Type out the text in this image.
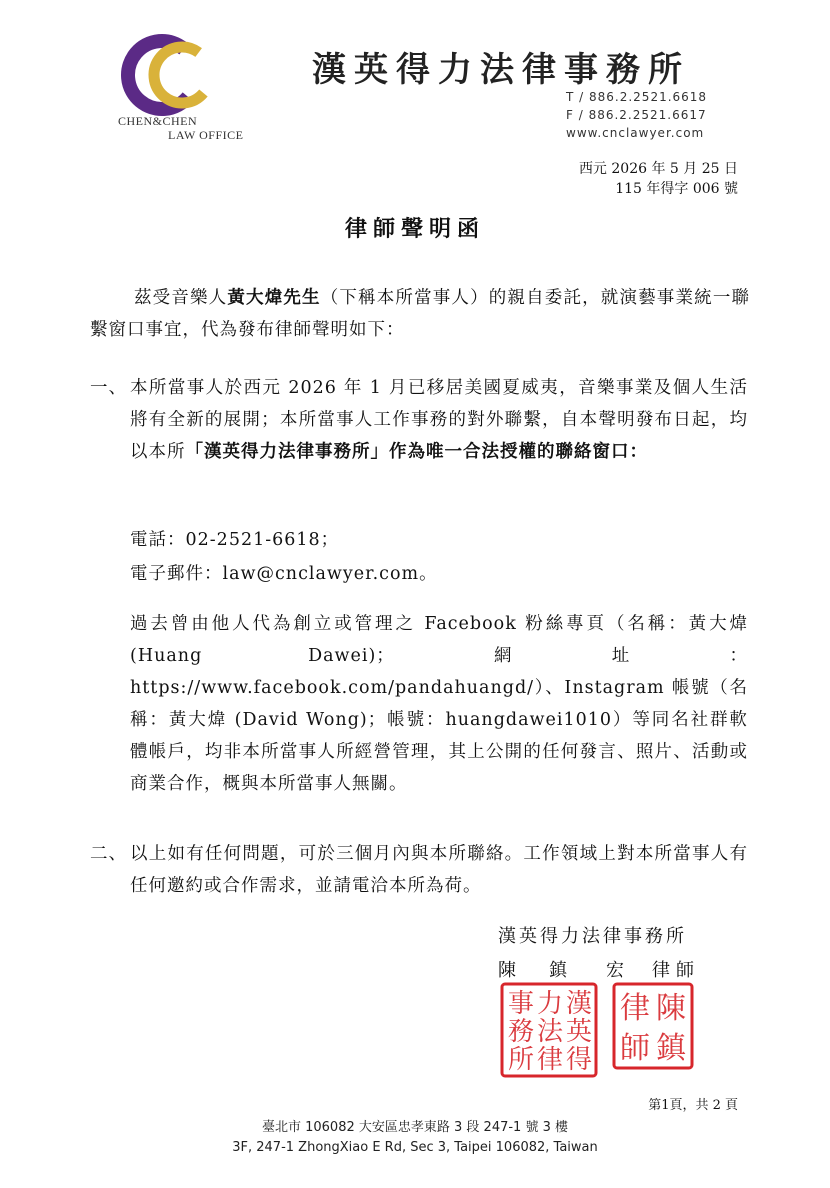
CHEN&CHEN
LAW OFFICE
漢英得力法律事務所
T / 886.2.2521.6618
F / 886.2.2521.6617
www.cnclawyer.com
西元 2026 年 5 月 25 日
115 年得字 006 號
律師聲明函
茲受音樂人黃大煒先生（下稱本所當事人）的親自委託，就演藝事業統一聯繫窗口事宜，代為發布律師聲明如下：
一、 本所當事人於西元 2026 年 1 月已移居美國夏威夷，音樂事業及個人生活將有全新的展開；本所當事人工作事務的對外聯繫，自本聲明發布日起，均以本所「漢英得力法律事務所」作為唯一合法授權的聯絡窗口：
電話：02-2521-6618；
電子郵件：law@cnclawyer.com。
過去曾由他人代為創立或管理之 Facebook 粉絲專頁（名稱：黃大煒(Huang Dawei)；網址：https://www.facebook.com/pandahuangd/）、Instagram 帳號（名稱：黃大煒 (David Wong)；帳號：huangdawei1010）等同名社群軟體帳戶，均非本所當事人所經營管理，其上公開的任何發言、照片、活動或商業合作，概與本所當事人無關。
二、 以上如有任何問題，可於三個月內與本所聯絡。工作領域上對本所當事人有任何邀約或合作需求，並請電洽本所為荷。
漢英得力法律事務所
陳 鎮 宏 律師
漢
英
得
力
法
律
事
務
所
陳
鎮
律
師
第1頁，共 2 頁
臺北市 106082 大安區忠孝東路 3 段 247-1 號 3 樓
3F, 247-1 ZhongXiao E Rd, Sec 3, Taipei 106082, Taiwan
